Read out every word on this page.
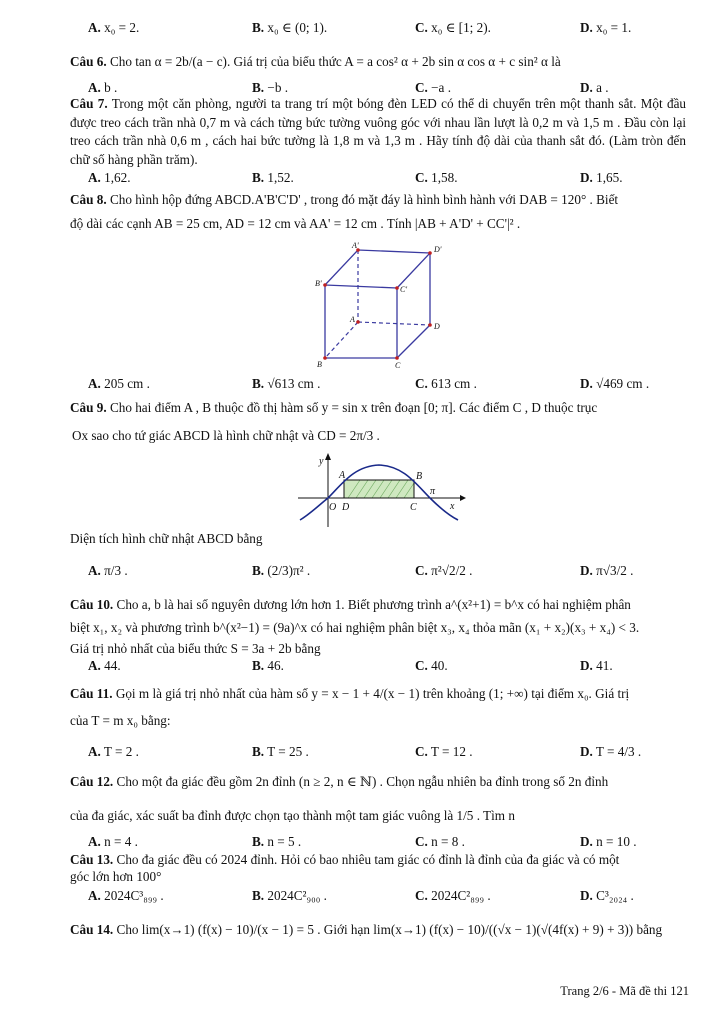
A. x₀ = 2.	B. x₀ ∈ (0; 1).	C. x₀ ∈ [1; 2).	D. x₀ = 1.
Câu 6. Cho tan α = 2b/(a − c). Giá trị của biểu thức A = a cos² α + 2b sin α cos α + c sin² α là
A. b .	B. −b .	C. −a .	D. a .
Câu 7. Trong một căn phòng, người ta trang trí một bóng đèn LED có thể di chuyển trên một thanh sắt. Một đầu được treo cách trần nhà 0,7 m và cách từng bức tường vuông góc với nhau lần lượt là 0,2 m và 1,5 m . Đầu còn lại treo cách trần nhà 0,6 m , cách hai bức tường là 1,8 m và 1,3 m . Hãy tính độ dài của thanh sắt đó. (Làm tròn đến chữ số hàng phần trăm).
A. 1,62.	B. 1,52.	C. 1,58.	D. 1,65.
Câu 8. Cho hình hộp đứng ABCD.A'B'C'D' , trong đó mặt đáy là hình bình hành với DAB = 120° . Biết
độ dài các cạnh AB = 25 cm, AD = 12 cm và AA' = 12 cm . Tính |AB + A'D' + CC'|² .
A'	D'
B'
C'
A
D
B	C
A. 205 cm .	B. √613 cm .	C. 613 cm .	D. √469 cm .
Câu 9. Cho hai điểm A , B thuộc đồ thị hàm số y = sin x trên đoạn [0; π]. Các điểm C , D thuộc trục
Ox sao cho tứ giác ABCD là hình chữ nhật và CD = 2π/3 .
y
x
A	B
O D	C
π
Diện tích hình chữ nhật ABCD bằng
A. π/3 .	B. (2/3)π² .	C. π²√2/2 .	D. π√3/2 .
Câu 10. Cho a, b là hai số nguyên dương lớn hơn 1. Biết phương trình a^(x²+1) = b^x có hai nghiệm phân
biệt x₁, x₂ và phương trình b^(x²−1) = (9a)^x có hai nghiệm phân biệt x₃, x₄ thỏa mãn (x₁ + x₂)(x₃ + x₄) < 3.
Giá trị nhỏ nhất của biểu thức S = 3a + 2b bằng
A. 44.	B. 46.	C. 40.	D. 41.
Câu 11. Gọi m là giá trị nhỏ nhất của hàm số y = x − 1 + 4/(x − 1) trên khoảng (1; +∞) tại điểm x₀. Giá trị
của T = m x₀ bằng:
A. T = 2 .	B. T = 25 .	C. T = 12 .	D. T = 4/3 .
Câu 12. Cho một đa giác đều gồm 2n đỉnh (n ≥ 2, n ∈ ℕ) . Chọn ngẫu nhiên ba đỉnh trong số 2n đỉnh
của đa giác, xác suất ba đỉnh được chọn tạo thành một tam giác vuông là 1/5 . Tìm n
A. n = 4 .	B. n = 5 .	C. n = 8 .	D. n = 10 .
Câu 13. Cho đa giác đều có 2024 đỉnh. Hỏi có bao nhiêu tam giác có đỉnh là đỉnh của đa giác và có một
góc lớn hơn 100°
A. 2024C³₈₉₉ .	B. 2024C²₉₀₀ .	C. 2024C²₈₉₉ .	D. C³₂₀₂₄ .
Câu 14. Cho lim(x→1) (f(x) − 10)/(x − 1) = 5 . Giới hạn lim(x→1) (f(x) − 10)/((√x − 1)(√(4f(x) + 9) + 3)) bằng
Trang 2/6 - Mã đề thi 121
